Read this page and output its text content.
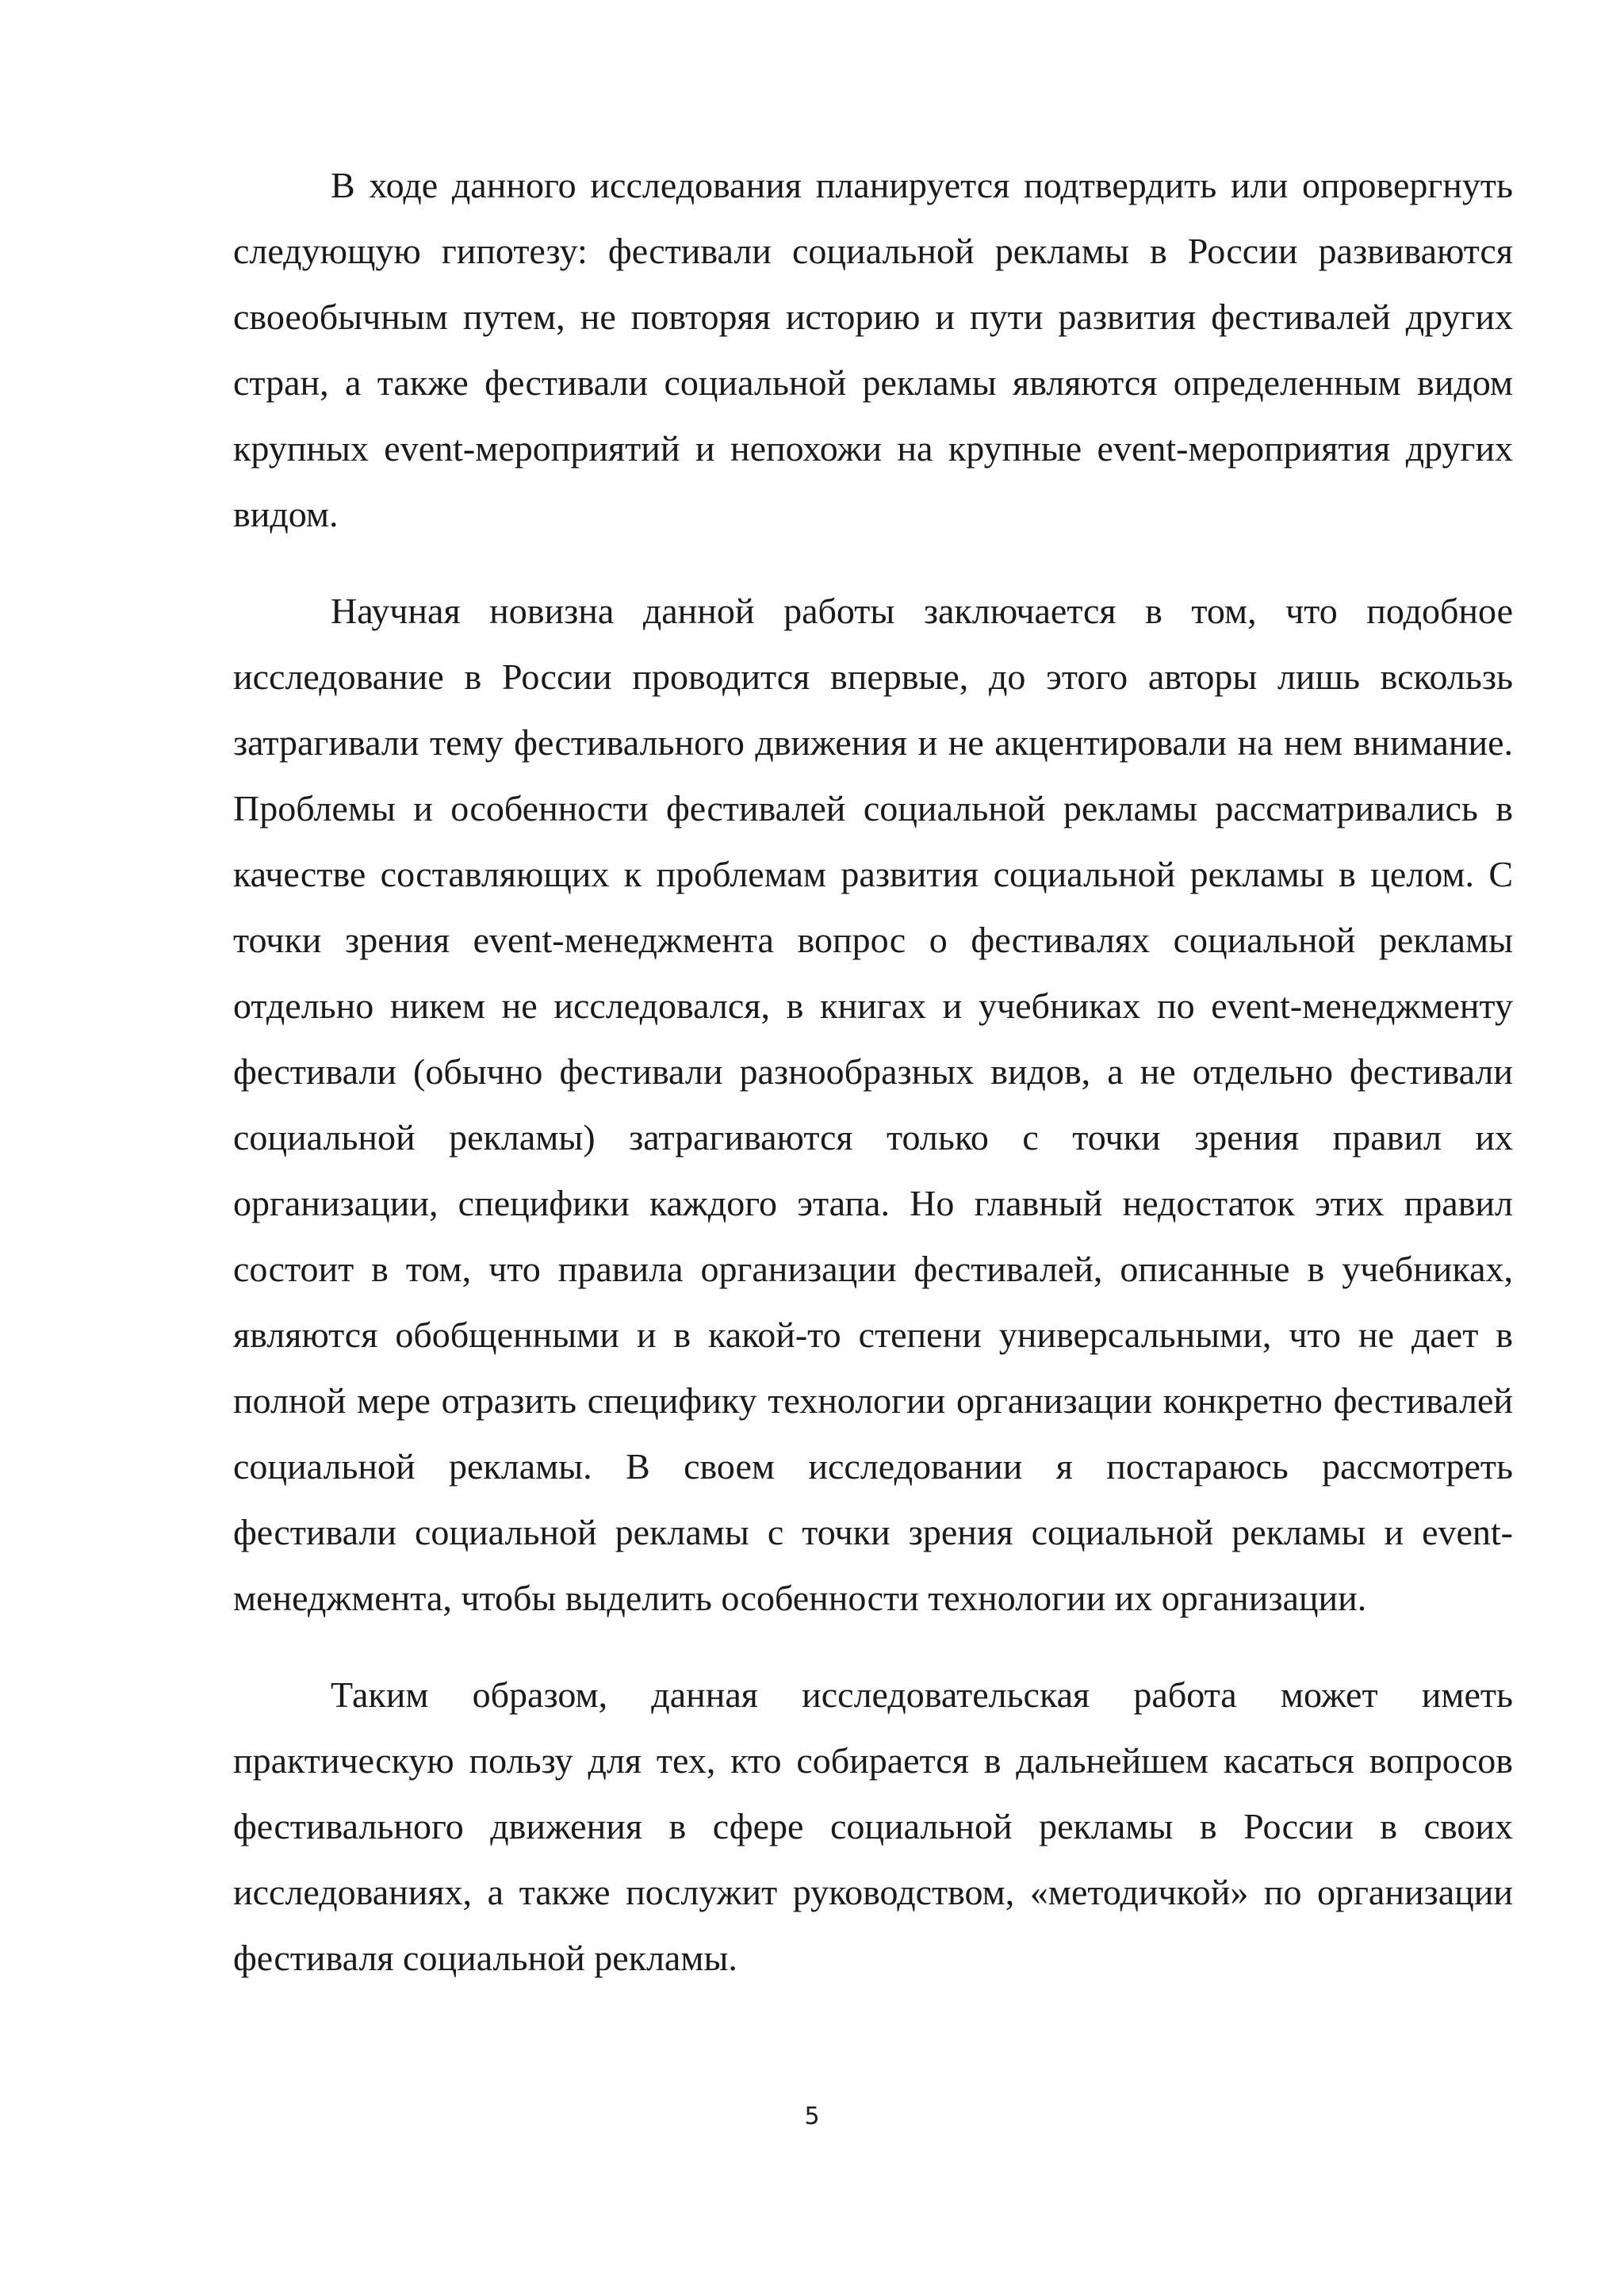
В ходе данного исследования планируется подтвердить или опровергнуть следующую гипотезу: фестивали социальной рекламы в России развиваются своеобычным путем, не повторяя историю и пути развития фестивалей других стран, а также фестивали социальной рекламы являются определенным видом крупных event-мероприятий и непохожи на крупные event-мероприятия других видом.

Научная новизна данной работы заключается в том, что подобное исследование в России проводится впервые, до этого авторы лишь вскользь затрагивали тему фестивального движения и не акцентировали на нем внимание. Проблемы и особенности фестивалей социальной рекламы рассматривались в качестве составляющих к проблемам развития социальной рекламы в целом. С точки зрения event-менеджмента вопрос о фестивалях социальной рекламы отдельно никем не исследовался, в книгах и учебниках по event-менеджменту фестивали (обычно фестивали разнообразных видов, а не отдельно фестивали социальной рекламы) затрагиваются только с точки зрения правил их организации, специфики каждого этапа. Но главный недостаток этих правил состоит в том, что правила организации фестивалей, описанные в учебниках, являются обобщенными и в какой-то степени универсальными, что не дает в полной мере отразить специфику технологии организации конкретно фестивалей социальной рекламы. В своем исследовании я постараюсь рассмотреть фестивали социальной рекламы с точки зрения социальной рекламы и event-менеджмента, чтобы выделить особенности технологии их организации.

Таким образом, данная исследовательская работа может иметь практическую пользу для тех, кто собирается в дальнейшем касаться вопросов фестивального движения в сфере социальной рекламы в России в своих исследованиях, а также послужит руководством, «методичкой» по организации фестиваля социальной рекламы.

5
